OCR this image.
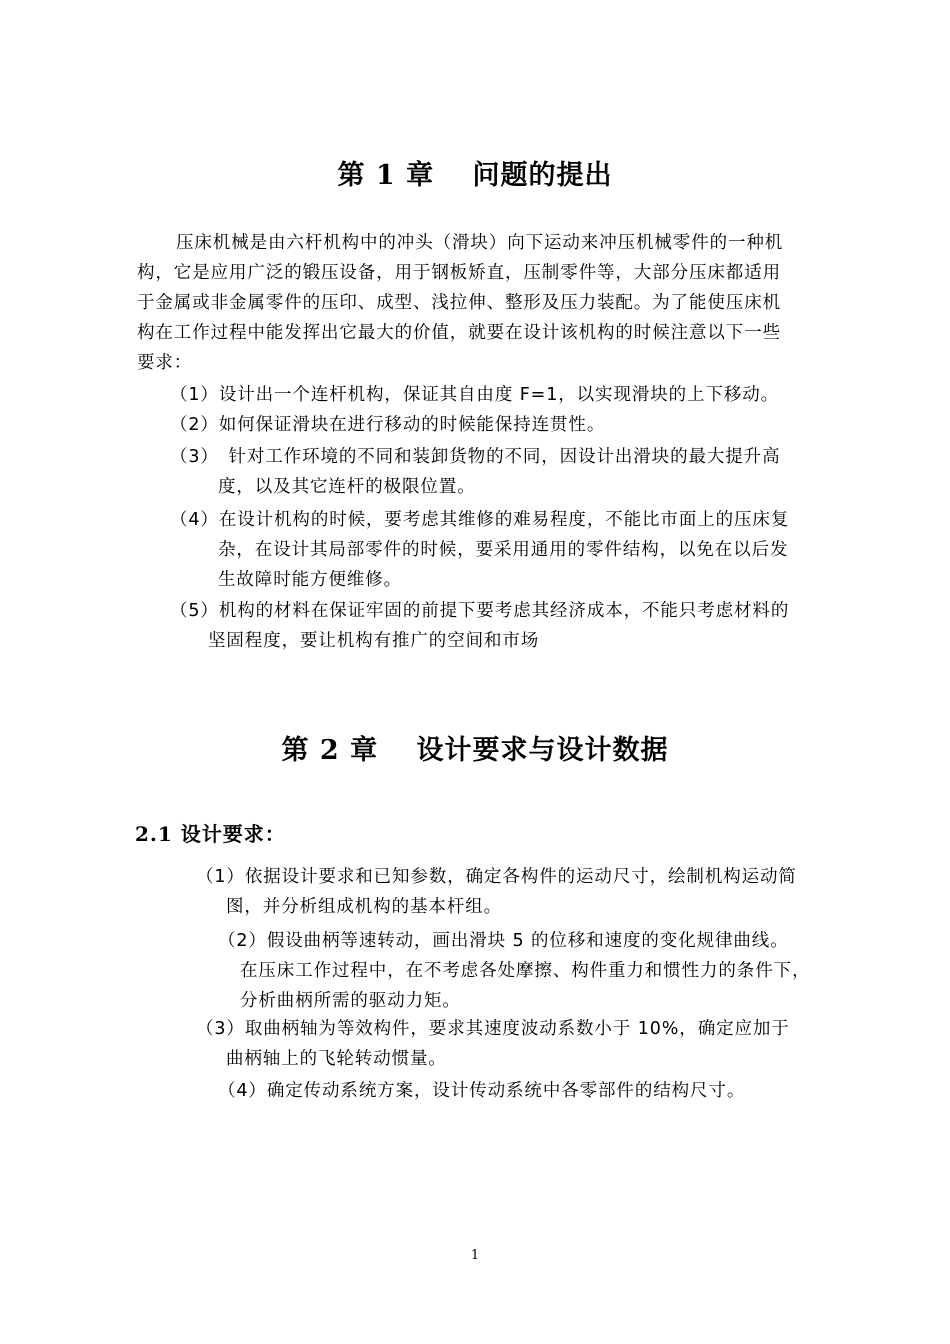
第 1 章　 问题的提出
压床机械是由六杆机构中的冲头（滑块）向下运动来冲压机械零件的一种机
构，它是应用广泛的锻压设备，用于钢板矫直，压制零件等，大部分压床都适用
于金属或非金属零件的压印、成型、浅拉伸、整形及压力装配。为了能使压床机
构在工作过程中能发挥出它最大的价值，就要在设计该机构的时候注意以下一些
要求：
（1）设计出一个连杆机构，保证其自由度 F=1，以实现滑块的上下移动。
（2）如何保证滑块在进行移动的时候能保持连贯性。
（3）　针对工作环境的不同和装卸货物的不同，因设计出滑块的最大提升高
度，以及其它连杆的极限位置。
（4）在设计机构的时候，要考虑其维修的难易程度，不能比市面上的压床复
杂，在设计其局部零件的时候，要采用通用的零件结构，以免在以后发
生故障时能方便维修。
（5）机构的材料在保证牢固的前提下要考虑其经济成本，不能只考虑材料的
坚固程度，要让机构有推广的空间和市场
第 2 章　 设计要求与设计数据
2.1 设计要求：
（1）依据设计要求和已知参数，确定各构件的运动尺寸，绘制机构运动简
图，并分析组成机构的基本杆组。
（2）假设曲柄等速转动，画出滑块 5 的位移和速度的变化规律曲线。
在压床工作过程中，在不考虑各处摩擦、构件重力和惯性力的条件下，
分析曲柄所需的驱动力矩。
（3）取曲柄轴为等效构件，要求其速度波动系数小于 10%，确定应加于
曲柄轴上的飞轮转动惯量。
（4）确定传动系统方案，设计传动系统中各零部件的结构尺寸。
1
